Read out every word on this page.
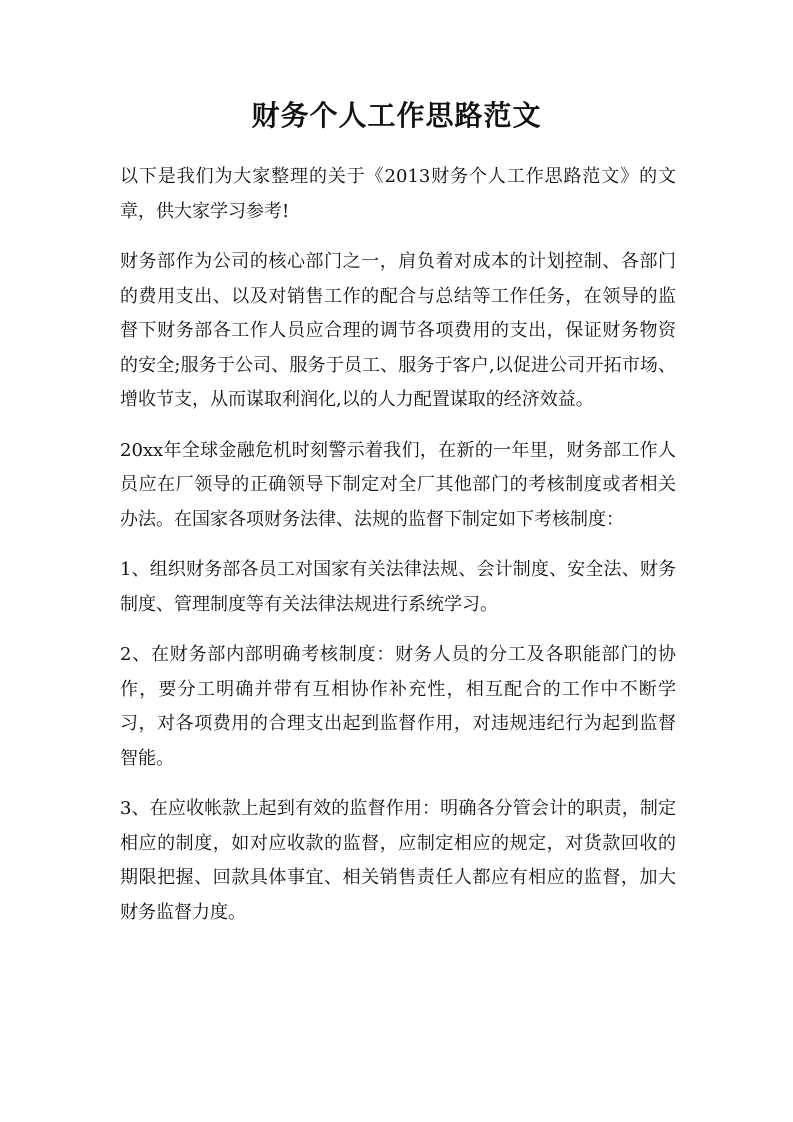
财务个人工作思路范文

以下是我们为大家整理的关于《2013财务个人工作思路范文》的文章，供大家学习参考!

财务部作为公司的核心部门之一，肩负着对成本的计划控制、各部门的费用支出、以及对销售工作的配合与总结等工作任务，在领导的监督下财务部各工作人员应合理的调节各项费用的支出，保证财务物资的安全;服务于公司、服务于员工、服务于客户,以促进公司开拓市场、增收节支，从而谋取利润化,以的人力配置谋取的经济效益。

20xx年全球金融危机时刻警示着我们，在新的一年里，财务部工作人员应在厂领导的正确领导下制定对全厂其他部门的考核制度或者相关办法。在国家各项财务法律、法规的监督下制定如下考核制度：

1、组织财务部各员工对国家有关法律法规、会计制度、安全法、财务制度、管理制度等有关法律法规进行系统学习。

2、在财务部内部明确考核制度：财务人员的分工及各职能部门的协作，要分工明确并带有互相协作补充性，相互配合的工作中不断学习，对各项费用的合理支出起到监督作用，对违规违纪行为起到监督智能。

3、在应收帐款上起到有效的监督作用：明确各分管会计的职责，制定相应的制度，如对应收款的监督，应制定相应的规定，对货款回收的期限把握、回款具体事宜、相关销售责任人都应有相应的监督，加大财务监督力度。
